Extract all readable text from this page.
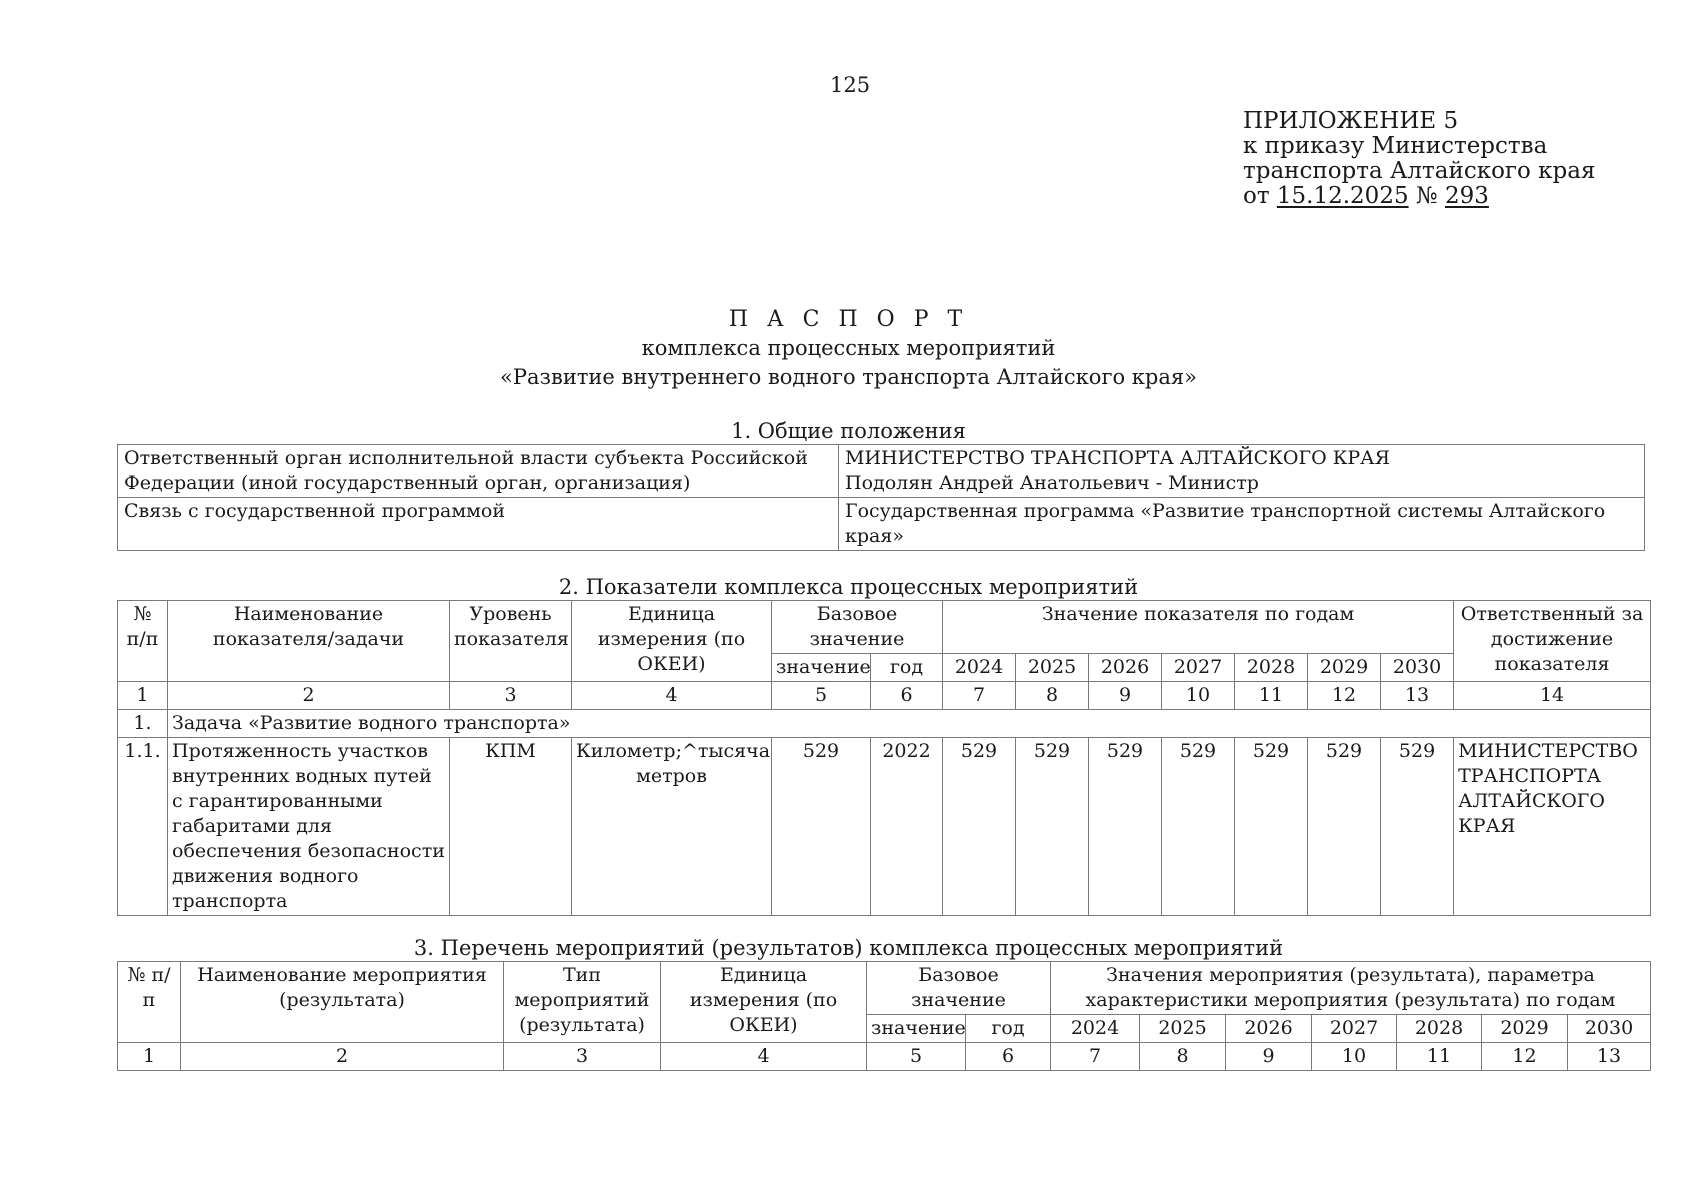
125
ПРИЛОЖЕНИЕ 5
к приказу Министерства
транспорта Алтайского края
от 15.12.2025 № 293
П А С П О Р Т
комплекса процессных мероприятий
«Развитие внутреннего водного транспорта Алтайского края»
1. Общие положения
Ответственный орган исполнительной власти субъекта Российской Федерации (иной государственный орган, организация)	МИНИСТЕРСТВО ТРАНСПОРТА АЛТАЙСКОГО КРАЯ
Подолян Андрей Анатольевич - Министр

Связь с государственной программой	Государственная программа «Развитие транспортной системы Алтайского края»
2. Показатели комплекса процессных мероприятий
№ п/п	Наименование показателя/задачи	Уровень показателя	Единица измерения (по ОКЕИ)	Базовое значение		Значение показателя по годам							Ответственный за достижение показателя
				значение	год	2024	2025	2026	2027	2028	2029	2030	
1	2	3	4	5	6	7	8	9	10	11	12	13	14
1.	Задача «Развитие водного транспорта»												
1.1.	Протяженность участков внутренних водных путей с гарантированными габаритами для обеспечения безопасности движения водного транспорта	КПМ	Километр;^тысяча метров	529	2022	529	529	529	529	529	529	529	МИНИСТЕРСТВО ТРАНСПОРТА АЛТАЙСКОГО КРАЯ
3. Перечень мероприятий (результатов) комплекса процессных мероприятий
№ п/п	Наименование мероприятия (результата)	Тип мероприятий (результата)	Единица измерения (по ОКЕИ)	Базовое значение		Значения мероприятия (результата), параметра характеристики мероприятия (результата) по годам						
				значение	год	2024	2025	2026	2027	2028	2029	2030
1	2	3	4	5	6	7	8	9	10	11	12	13
